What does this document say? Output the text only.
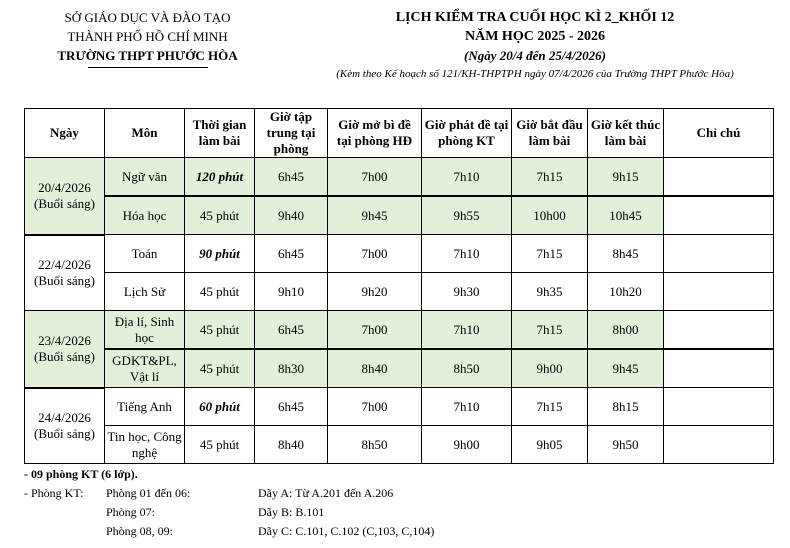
SỞ GIÁO DỤC VÀ ĐÀO TẠO
THÀNH PHỐ HỒ CHÍ MINH
TRƯỜNG THPT PHƯỚC HÒA
LỊCH KIỂM TRA CUỐI HỌC KÌ 2_KHỐI 12
NĂM HỌC 2025 - 2026
(Ngày 20/4 đến 25/4/2026)
(Kèm theo Kế hoạch số 121/KH-THPTPH ngày 07/4/2026 của Trường THPT Phước Hòa)
Ngày	Môn	Thời gian làm bài	Giờ tập trung tại phòng	Giờ mở bì đề tại phòng HĐ	Giờ phát đề tại phòng KT	Giờ bắt đầu làm bài	Giờ kết thúc làm bài	Chỉ chú
20/4/2026
(Buổi sáng)	Ngữ văn	120 phút	6h45	7h00	7h10	7h15	9h15	
	Hóa học	45 phút	9h40	9h45	9h55	10h00	10h45	
22/4/2026
(Buổi sáng)	Toán	90 phút	6h45	7h00	7h10	7h15	8h45	
	Lịch Sử	45 phút	9h10	9h20	9h30	9h35	10h20	
23/4/2026
(Buổi sáng)	Địa lí, Sinh học	45 phút	6h45	7h00	7h10	7h15	8h00	
	GDKT&PL, Vật lí	45 phút	8h30	8h40	8h50	9h00	9h45	
24/4/2026
(Buổi sáng)	Tiếng Anh	60 phút	6h45	7h00	7h10	7h15	8h15	
	Tin học, Công nghệ	45 phút	8h40	8h50	9h00	9h05	9h50	
- 09 phòng KT (6 lớp).
- Phòng KT: Phòng 01 đến 06:	Dãy A: Từ A.201 đến A.206
Phòng 07:	Dãy B: B.101
Phòng 08, 09:	Dãy C: C.101, C.102 (C,103, C,104)
